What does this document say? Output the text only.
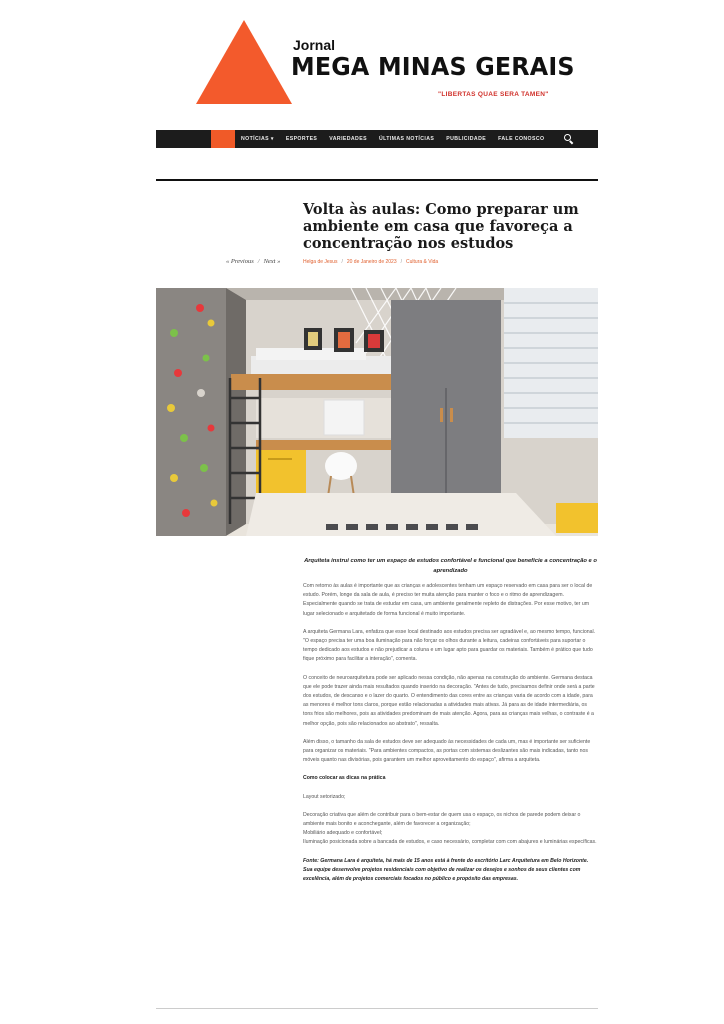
Jornal
MEGA MINAS GERAIS
"LIBERTAS QUAE SERA TAMEN"
NOTÍCIAS ▾ ESPORTES VARIEDADES ÚLTIMAS NOTÍCIAS PUBLICIDADE FALE CONOSCO
Volta às aulas: Como preparar um ambiente em casa que favoreça a concentração nos estudos
« Previous / Next »	Helga de Jesus / 20 de Janeiro de 2023 / Cultura & Vida
Arquiteta instrui como ter um espaço de estudos confortável e funcional que beneficie a concentração e o aprendizado

Com retorno às aulas é importante que as crianças e adolescentes tenham um espaço reservado em casa para ser o local de estudo. Porém, longe da sala de aula, é preciso ter muita atenção para manter o foco e o ritmo de aprendizagem. Especialmente quando se trata de estudar em casa, um ambiente geralmente repleto de distrações. Por esse motivo, ter um lugar selecionado e arquitetado de forma funcional é muito importante.

A arquiteta Germana Lara, enfatiza que esse local destinado aos estudos precisa ser agradável e, ao mesmo tempo, funcional. "O espaço precisa ter uma boa iluminação para não forçar os olhos durante a leitura, cadeiras confortáveis para suportar o tempo dedicado aos estudos e não prejudicar a coluna e um lugar apto para guardar os materiais. Também é prático que tudo fique próximo para facilitar a interação", comenta.

O conceito de neuroarquitetura pode ser aplicado nessa condição, não apenas na construção do ambiente. Germana destaca que ele pode trazer ainda mais resultados quando inserido na decoração. "Antes de tudo, precisamos definir onde será a parte dos estudos, de descanso e o lazer do quarto. O entendimento das cores entre as crianças varia de acordo com a idade, para as menores é melhor tons claros, porque estão relacionadas a atividades mais ativas. Já para as de idade intermediária, os tons frios são melhores, pois as atividades predominam de mais atenção. Agora, para as crianças mais velhas, o contraste é a melhor opção, pois são relacionados ao abstrato", ressalta.

Além disso, o tamanho da sala de estudos deve ser adequado às necessidades de cada um, mas é importante ser suficiente para organizar os materiais. "Para ambientes compactos, as portas com sistemas deslizantes são mais indicadas, tanto nos móveis quanto nas divisórias, pois garantem um melhor aproveitamento do espaço", afirma a arquiteta.

Como colocar as dicas na prática

Layout setorizado;

Decoração criativa que além de contribuir para o bem-estar de quem usa o espaço, os nichos de parede podem deixar o ambiente mais bonito e aconchegante, além de favorecer a organização;
Mobiliário adequado e confortável;
Iluminação posicionada sobre a bancada de estudos, e caso necessário, completar com com abajures e luminárias específicas.

Fonte: Germana Lara é arquiteta, há mais de 15 anos está à frente do escritório Larc Arquitetura em Belo Horizonte. Sua equipe desenvolve projetos residenciais com objetivo de realizar os desejos e sonhos de seus clientes com excelência, além de projetos comerciais focados no público e propósito das empresas.
